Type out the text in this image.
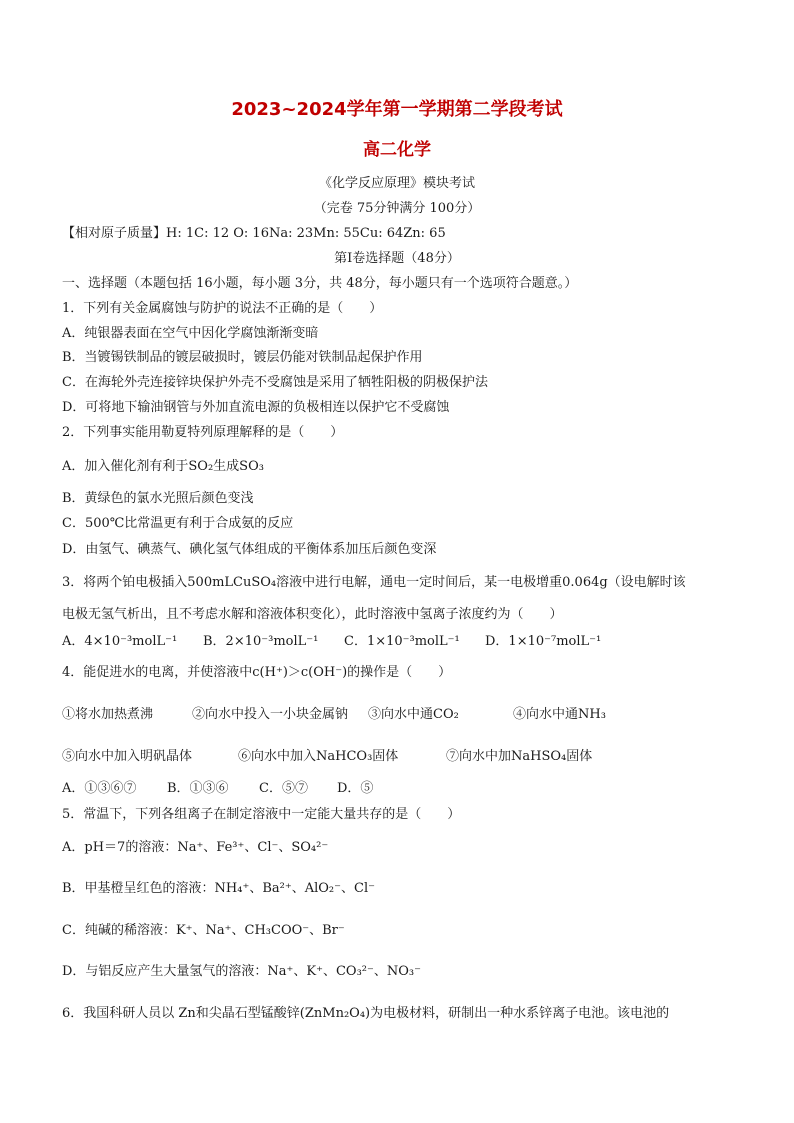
2023~2024学年第一学期第二学段考试
高二化学
《化学反应原理》模块考试
（完卷 75分钟满分 100分）
【相对原子质量】H: 1C: 12 O: 16Na: 23Mn: 55Cu: 64Zn: 65
第Ⅰ卷选择题（48分）
一、选择题（本题包括 16小题，每小题 3分，共 48分，每小题只有一个选项符合题意。）
1．下列有关金属腐蚀与防护的说法不正确的是（　　）
A．纯银器表面在空气中因化学腐蚀渐渐变暗
B．当镀锡铁制品的镀层破损时，镀层仍能对铁制品起保护作用
C．在海轮外壳连接锌块保护外壳不受腐蚀是采用了牺牲阳极的阴极保护法
D．可将地下输油钢管与外加直流电源的负极相连以保护它不受腐蚀
2．下列事实能用勒夏特列原理解释的是（　　）
A．加入催化剂有利于SO₂生成SO₃
B．黄绿色的氯水光照后颜色变浅
C．500℃比常温更有利于合成氨的反应
D．由氢气、碘蒸气、碘化氢气体组成的平衡体系加压后颜色变深
3．将两个铂电极插入500mLCuSO₄溶液中进行电解，通电一定时间后，某一电极增重0.064g（设电解时该
电极无氢气析出，且不考虑水解和溶液体积变化），此时溶液中氢离子浓度约为（　　）
A．4×10⁻³molL⁻¹ B．2×10⁻³molL⁻¹ C．1×10⁻³molL⁻¹ D．1×10⁻⁷molL⁻¹
4．能促进水的电离，并使溶液中c(H⁺)＞c(OH⁻)的操作是（　　）
①将水加热煮沸	②向水中投入一小块金属钠 ③向水中通CO₂	④向水中通NH₃
⑤向水中加入明矾晶体	⑥向水中加入NaHCO₃固体	⑦向水中加NaHSO₄固体
A．①③⑥⑦ B．①③⑥ C．⑤⑦ D．⑤
5．常温下，下列各组离子在制定溶液中一定能大量共存的是（　　）
A．pH＝7的溶液：Na⁺、Fe³⁺、Cl⁻、SO₄²⁻
B．甲基橙呈红色的溶液：NH₄⁺、Ba²⁺、AlO₂⁻、Cl⁻
C．纯碱的稀溶液：K⁺、Na⁺、CH₃COO⁻、Br⁻
D．与铝反应产生大量氢气的溶液：Na⁺、K⁺、CO₃²⁻、NO₃⁻
6．我国科研人员以 Zn和尖晶石型锰酸锌(ZnMn₂O₄)为电极材料，研制出一种水系锌离子电池。该电池的
